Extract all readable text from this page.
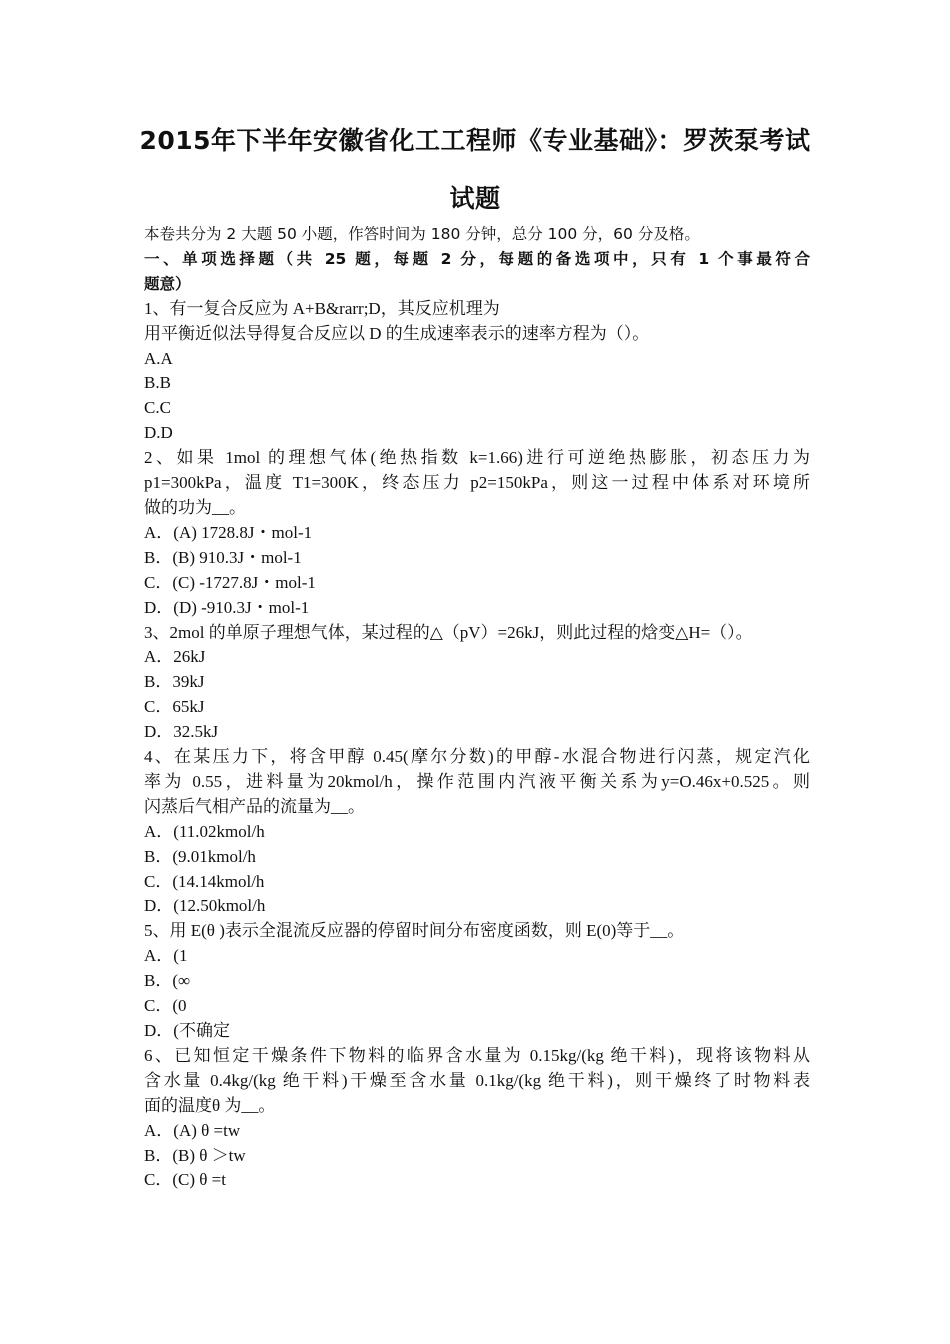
2015年下半年安徽省化工工程师《专业基础》：罗茨泵考试
试题
本卷共分为 2 大题 50 小题，作答时间为 180 分钟，总分 100 分，60 分及格。
一、单项选择题（共 25 题，每题 2 分，每题的备选项中，只有 1 个事最符合
题意）
1、有一复合反应为 A+B&rarr;D，其反应机理为
用平衡近似法导得复合反应以 D 的生成速率表示的速率方程为（）。
A.A
B.B
C.C
D.D
2、如果 1mol 的理想气体(绝热指数 k=1.66)进行可逆绝热膨胀，初态压力为
p1=300kPa，温度 T1=300K，终态压力 p2=150kPa，则这一过程中体系对环境所
做的功为__。
A．(A) 1728.8J・mol-1
B．(B) 910.3J・mol-1
C．(C) -1727.8J・mol-1
D．(D) -910.3J・mol-1
3、2mol 的单原子理想气体，某过程的△（pV）=26kJ，则此过程的焓变△H=（）。
A．26kJ
B．39kJ
C．65kJ
D．32.5kJ
4、在某压力下，将含甲醇 0.45(摩尔分数)的甲醇-水混合物进行闪蒸，规定汽化
率为 0.55，进料量为20kmol/h，操作范围内汽液平衡关系为y=O.46x+0.525。则
闪蒸后气相产品的流量为__。
A．(11.02kmol/h
B．(9.01kmol/h
C．(14.14kmol/h
D．(12.50kmol/h
5、用 E(θ )表示全混流反应器的停留时间分布密度函数，则 E(0)等于__。
A．(1
B．(∞
C．(0
D．(不确定
6、已知恒定干燥条件下物料的临界含水量为 0.15kg/(kg 绝干料)，现将该物料从
含水量 0.4kg/(kg 绝干料)干燥至含水量 0.1kg/(kg 绝干料)，则干燥终了时物料表
面的温度θ 为__。
A．(A) θ =tw
B．(B) θ ＞tw
C．(C) θ =t
